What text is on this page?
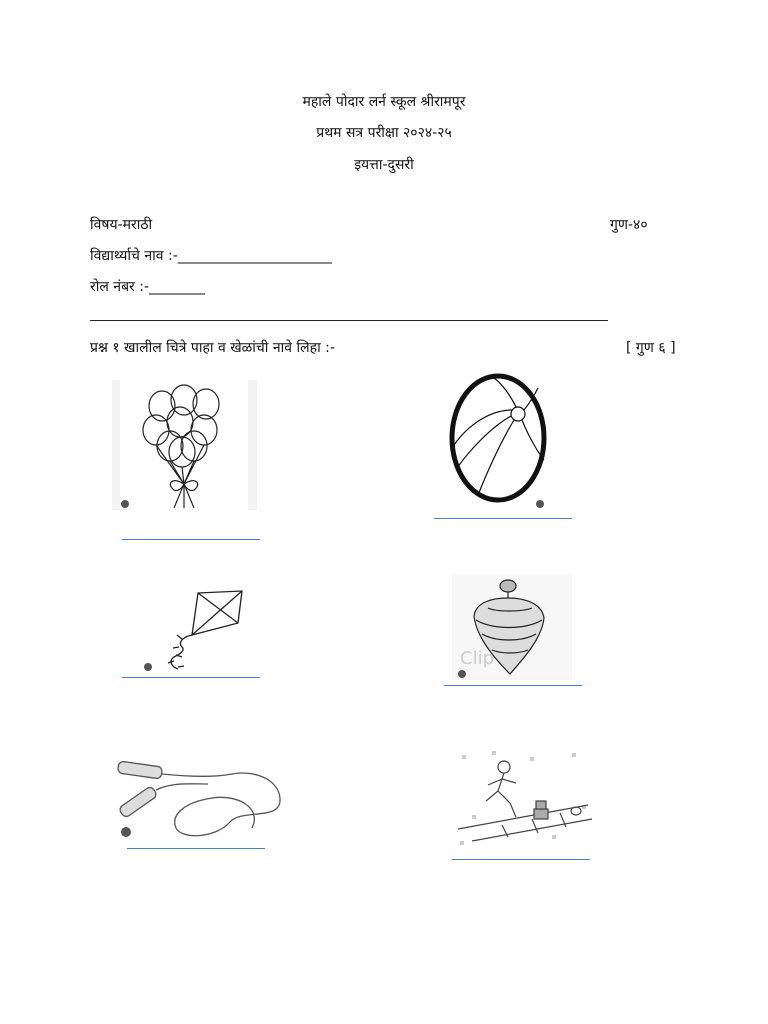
महाले पोदार लर्न स्कूल श्रीरामपूर
प्रथम सत्र परीक्षा २०२४-२५
इयत्ता-दुसरी
विषय-मराठी	गुण-४०
विद्यार्थ्याचे नाव :-______________________
रोल नंबर :-________
प्रश्न १ खालील चित्रे पाहा व खेळांची नावे लिहा :-	[ गुण ६ ]
Clip
